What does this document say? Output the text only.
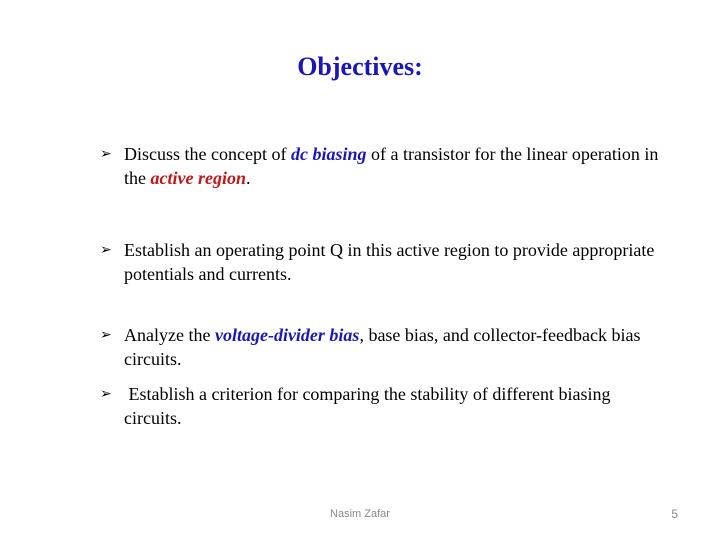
Objectives:
➢ Discuss the concept of dc biasing of a transistor for the linear operation in the active region.
➢ Establish an operating point Q in this active region to provide appropriate potentials and currents.
➢ Analyze the voltage-divider bias, base bias, and collector-feedback bias circuits.
➢ Establish a criterion for comparing the stability of different biasing circuits.
Nasim Zafar	5
